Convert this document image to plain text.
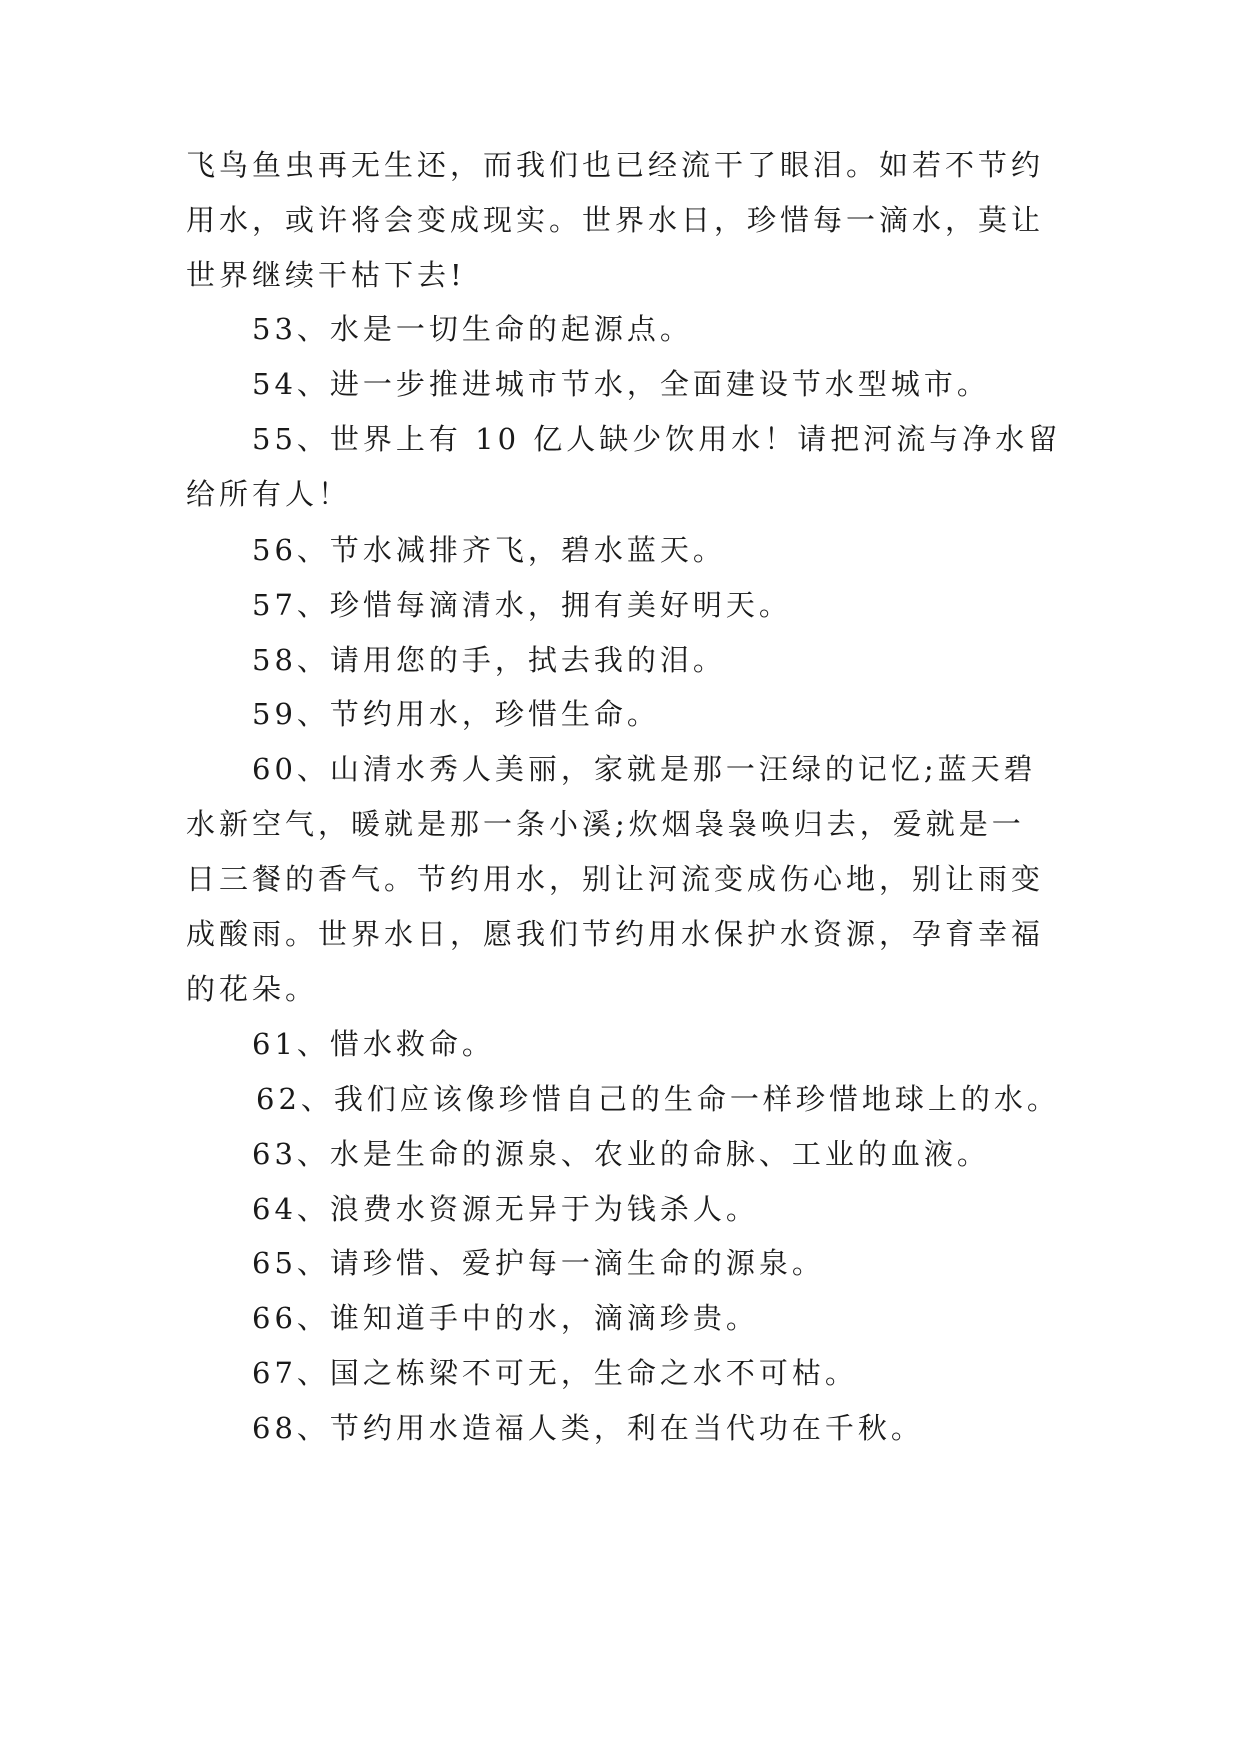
飞鸟鱼虫再无生还，而我们也已经流干了眼泪。如若不节约
用水，或许将会变成现实。世界水日，珍惜每一滴水，莫让
世界继续干枯下去!
53、水是一切生命的起源点。
54、进一步推进城市节水，全面建设节水型城市。
55、世界上有 10 亿人缺少饮用水！请把河流与净水留
给所有人！
56、节水减排齐飞，碧水蓝天。
57、珍惜每滴清水，拥有美好明天。
58、请用您的手，拭去我的泪。
59、节约用水，珍惜生命。
60、山清水秀人美丽，家就是那一汪绿的记忆;蓝天碧
水新空气，暖就是那一条小溪;炊烟袅袅唤归去，爱就是一
日三餐的香气。节约用水，别让河流变成伤心地，别让雨变
成酸雨。世界水日，愿我们节约用水保护水资源，孕育幸福
的花朵。
61、惜水救命。
62、我们应该像珍惜自己的生命一样珍惜地球上的水。
63、水是生命的源泉、农业的命脉、工业的血液。
64、浪费水资源无异于为钱杀人。
65、请珍惜、爱护每一滴生命的源泉。
66、谁知道手中的水，滴滴珍贵。
67、国之栋梁不可无，生命之水不可枯。
68、节约用水造福人类，利在当代功在千秋。
